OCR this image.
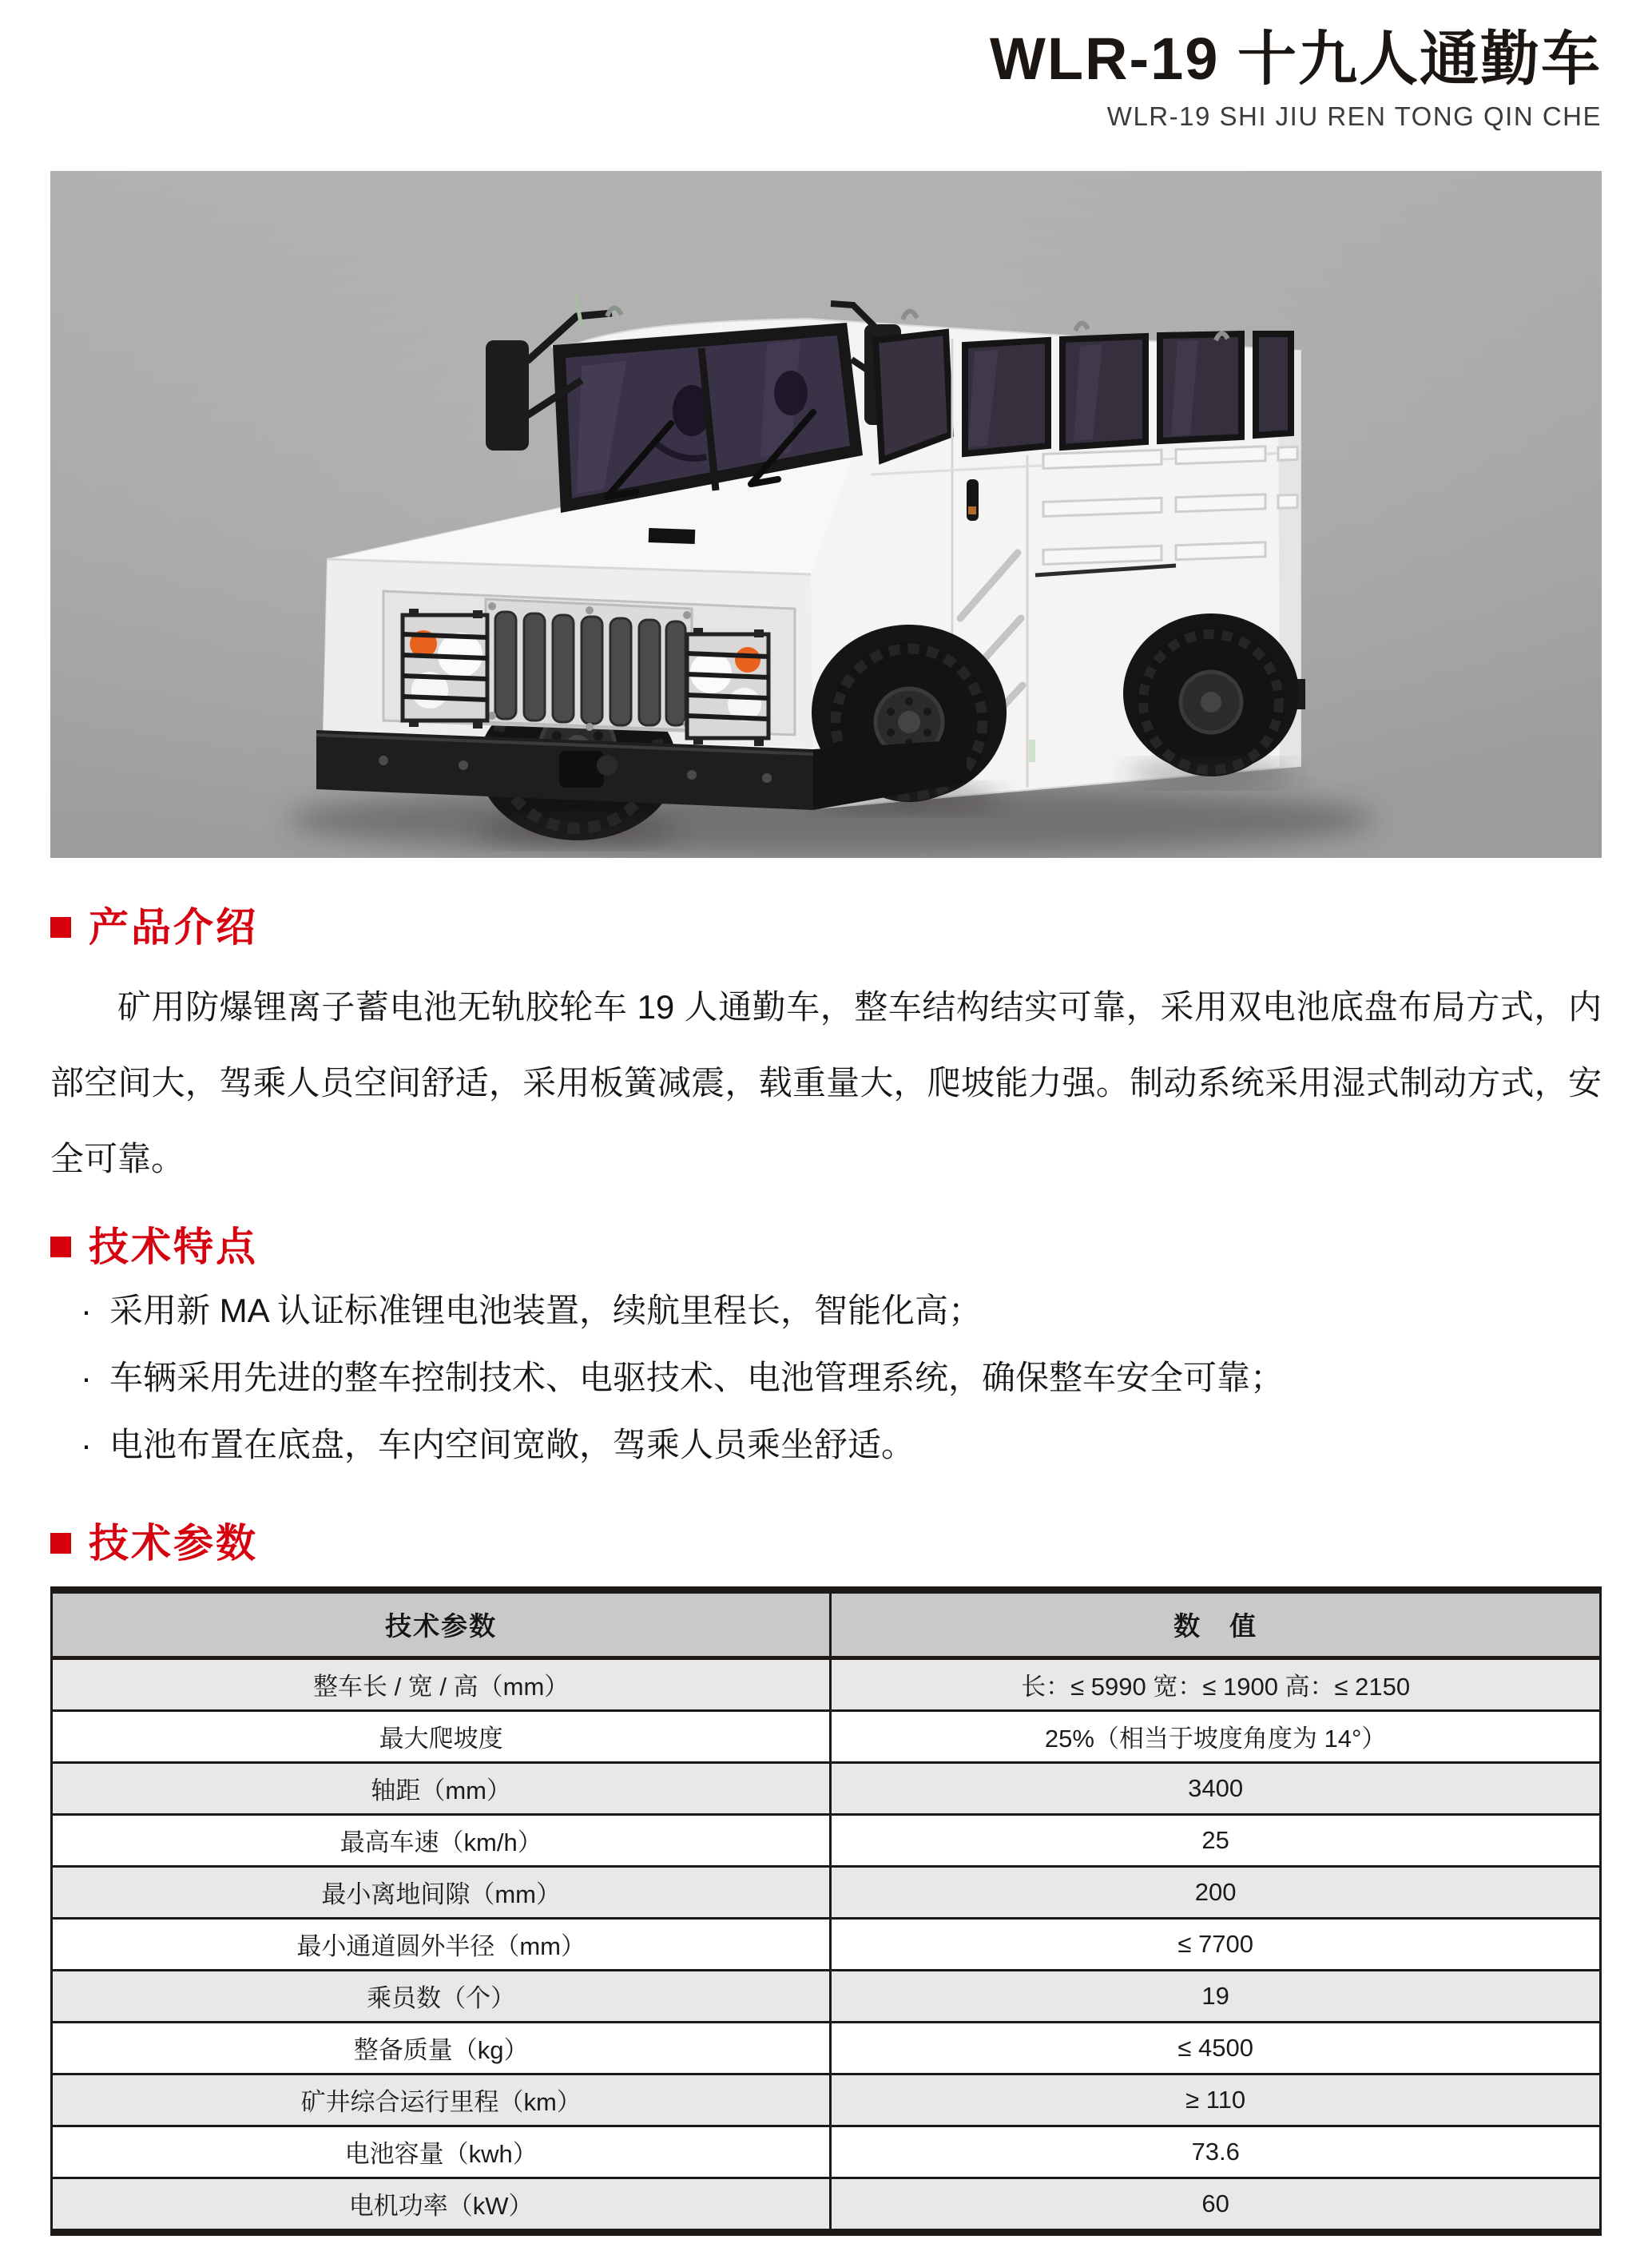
WLR-19 十九人通勤车
WLR-19 SHI JIU REN TONG QIN CHE
产品介绍

矿用防爆锂离子蓄电池无轨胶轮车 19 人通勤车，整车结构结实可靠，采用双电池底盘布局方式，内部空间大，驾乘人员空间舒适，采用板簧减震，载重量大，爬坡能力强。制动系统采用湿式制动方式，安全可靠。

技术特点
· 采用新 MA 认证标准锂电池装置，续航里程长，智能化高；
· 车辆采用先进的整车控制技术、电驱技术、电池管理系统，确保整车安全可靠；
· 电池布置在底盘，车内空间宽敞，驾乘人员乘坐舒适。
技术参数
技术参数	数　值
整车长 / 宽 / 高（mm）	长：≤ 5990 宽：≤ 1900 高：≤ 2150
最大爬坡度	25%（相当于坡度角度为 14°）
轴距（mm）	3400
最高车速（km/h）	25
最小离地间隙（mm）	200
最小通道圆外半径（mm）	≤ 7700
乘员数（个）	19
整备质量（kg）	≤ 4500
矿井综合运行里程（km）	≥ 110
电池容量（kwh）	73.6
电机功率（kW）	60
